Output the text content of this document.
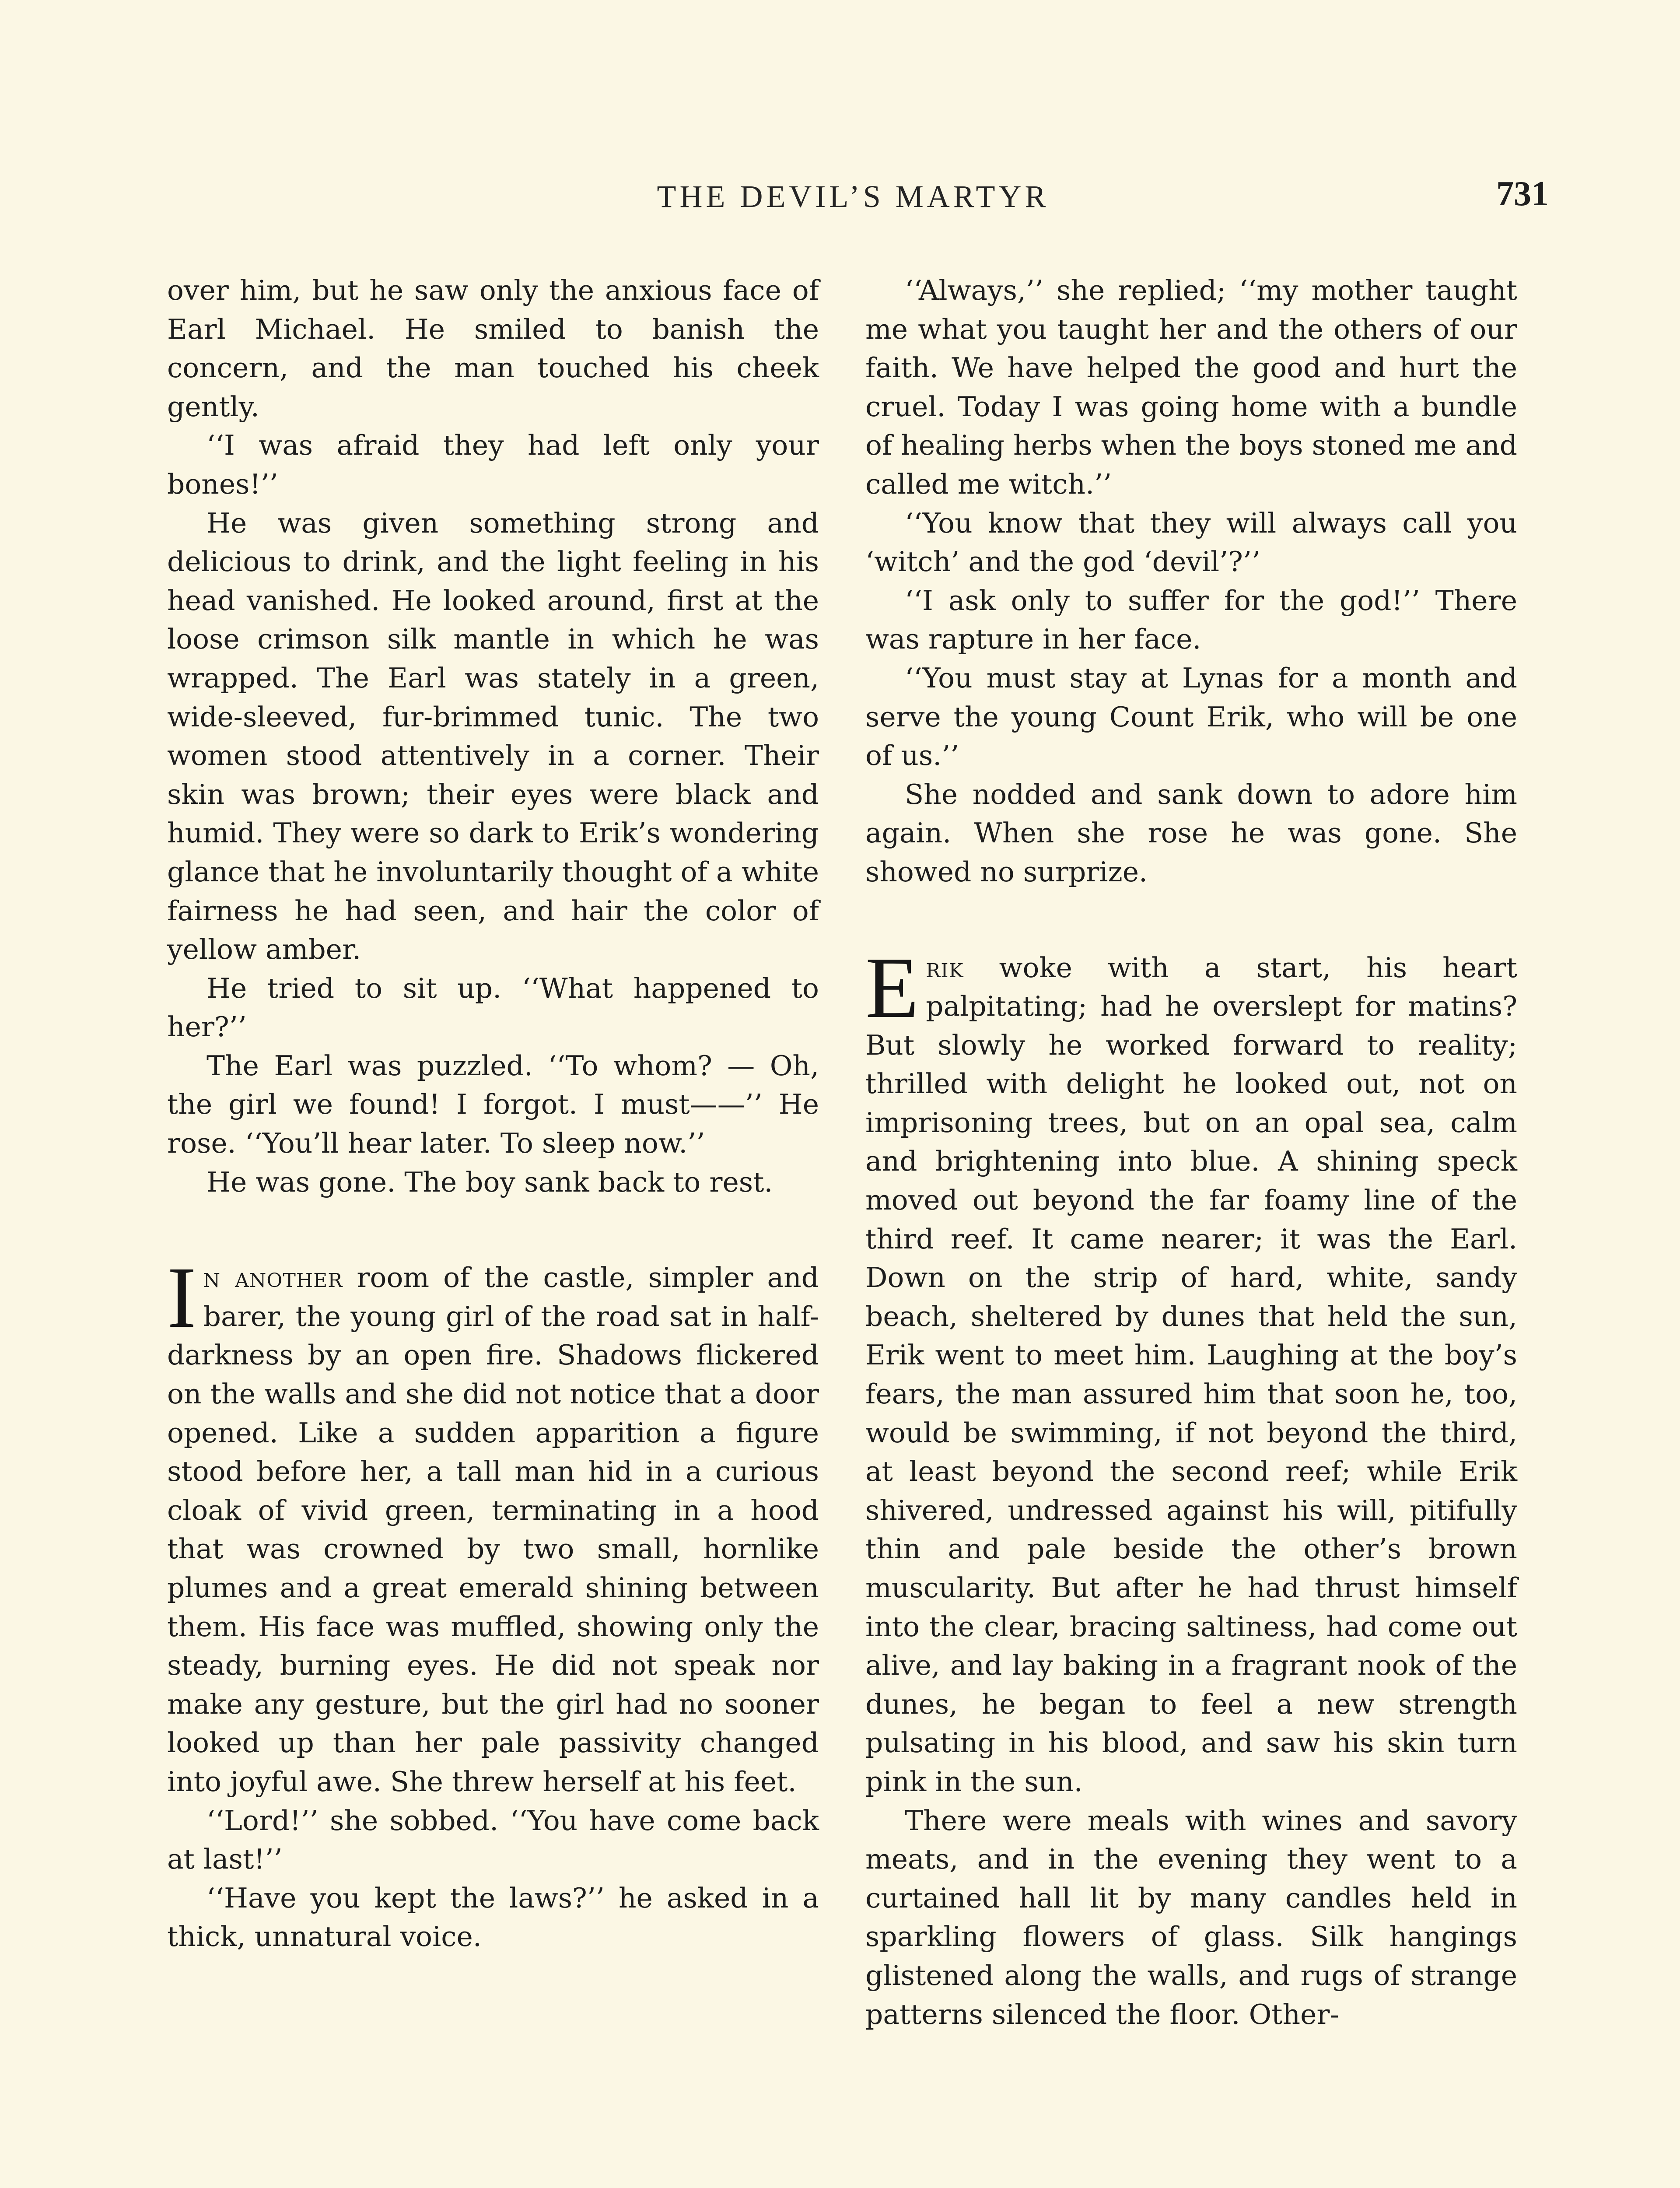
THE DEVIL’S MARTYR	731

over him, but he saw only the anxious face of Earl Michael. He smiled to banish the concern, and the man touched his cheek gently.

‘‘I was afraid they had left only your bones!’’

He was given something strong and delicious to drink, and the light feeling in his head vanished. He looked around, first at the loose crimson silk mantle in which he was wrapped. The Earl was stately in a green, wide-sleeved, fur-brimmed tunic. The two women stood attentively in a corner. Their skin was brown; their eyes were black and humid. They were so dark to Erik’s wondering glance that he involuntarily thought of a white fairness he had seen, and hair the color of yellow amber.

He tried to sit up. ‘‘What happened to her?’’

The Earl was puzzled. ‘‘To whom? — Oh, the girl we found! I forgot. I must——’’ He rose. ‘‘You’ll hear later. To sleep now.’’

He was gone. The boy sank back to rest.

In another room of the castle, simpler and barer, the young girl of the road sat in half-darkness by an open fire. Shadows flickered on the walls and she did not notice that a door opened. Like a sudden apparition a figure stood before her, a tall man hid in a curious cloak of vivid green, terminating in a hood that was crowned by two small, hornlike plumes and a great emerald shining between them. His face was muffled, showing only the steady, burning eyes. He did not speak nor make any gesture, but the girl had no sooner looked up than her pale passivity changed into joyful awe. She threw herself at his feet.

‘‘Lord!’’ she sobbed. ‘‘You have come back at last!’’

‘‘Have you kept the laws?’’ he asked in a thick, unnatural voice.

‘‘Always,’’ she replied; ‘‘my mother taught me what you taught her and the others of our faith. We have helped the good and hurt the cruel. Today I was going home with a bundle of healing herbs when the boys stoned me and called me witch.’’

‘‘You know that they will always call you ‘witch’ and the god ‘devil’?’’

‘‘I ask only to suffer for the god!’’ There was rapture in her face.

‘‘You must stay at Lynas for a month and serve the young Count Erik, who will be one of us.’’

She nodded and sank down to adore him again. When she rose he was gone. She showed no surprize.

Erik woke with a start, his heart palpitating; had he overslept for matins? But slowly he worked forward to reality; thrilled with delight he looked out, not on imprisoning trees, but on an opal sea, calm and brightening into blue. A shining speck moved out beyond the far foamy line of the third reef. It came nearer; it was the Earl. Down on the strip of hard, white, sandy beach, sheltered by dunes that held the sun, Erik went to meet him. Laughing at the boy’s fears, the man assured him that soon he, too, would be swimming, if not beyond the third, at least beyond the second reef; while Erik shivered, undressed against his will, pitifully thin and pale beside the other’s brown muscularity. But after he had thrust himself into the clear, bracing saltiness, had come out alive, and lay baking in a fragrant nook of the dunes, he began to feel a new strength pulsating in his blood, and saw his skin turn pink in the sun.

There were meals with wines and savory meats, and in the evening they went to a curtained hall lit by many candles held in sparkling flowers of glass. Silk hangings glistened along the walls, and rugs of strange patterns silenced the floor. Other-
